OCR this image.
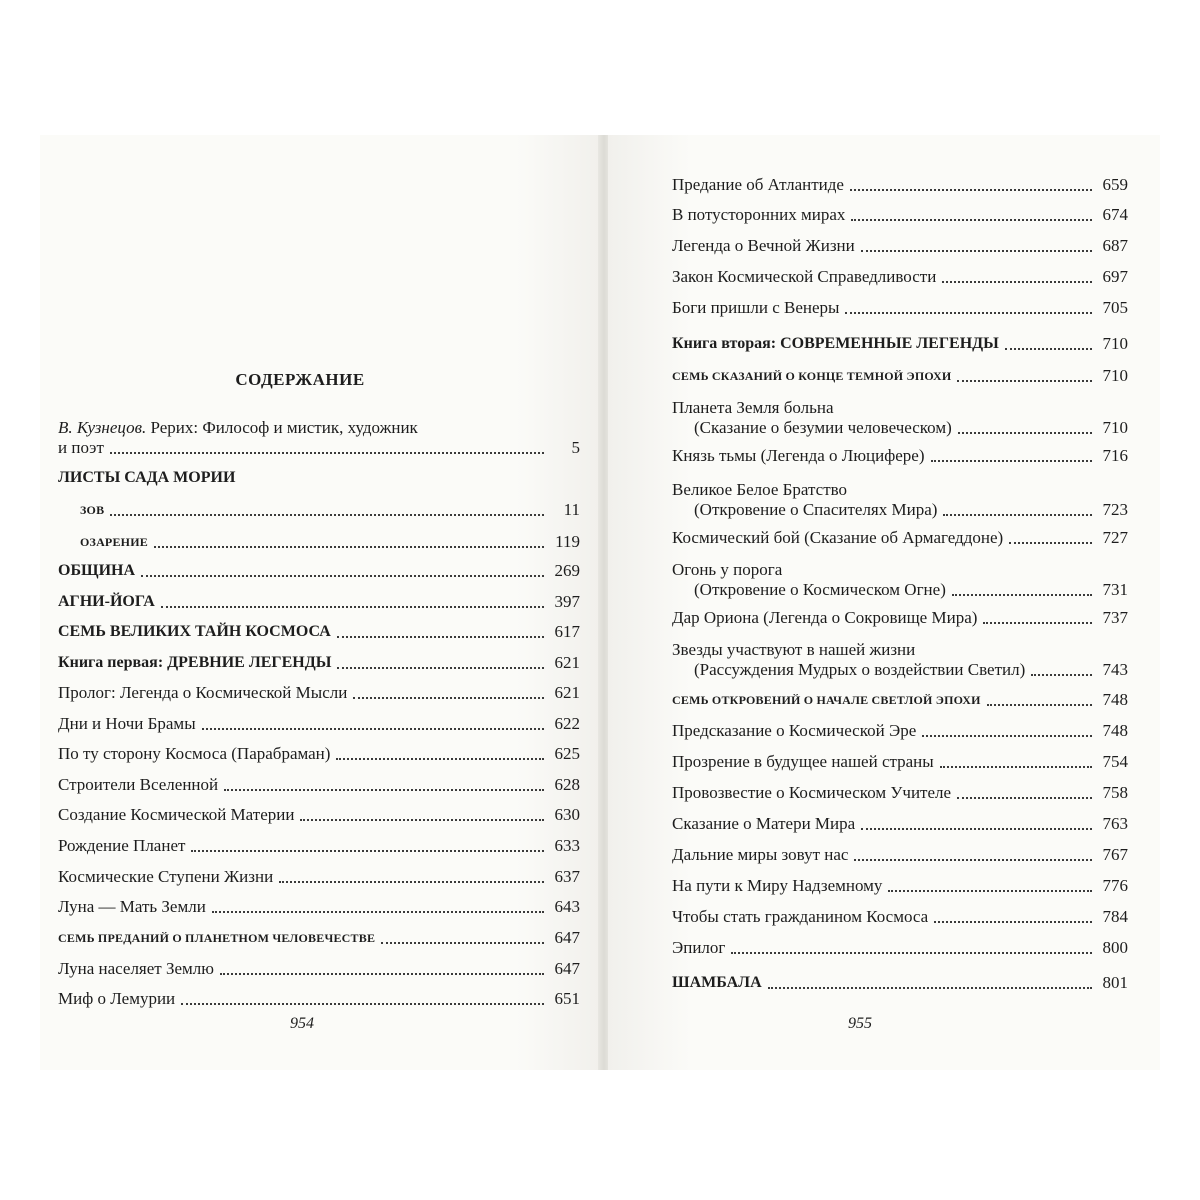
СОДЕРЖАНИЕ
В. Кузнецов. Рерих: Философ и мистик, художник
и поэт	5
ЛИСТЫ САДА МОРИИ
ЗОВ	11
ОЗАРЕНИЕ	119
ОБЩИНА	269
АГНИ-ЙОГА	397
СЕМЬ ВЕЛИКИХ ТАЙН КОСМОСА	617
Книга первая: ДРЕВНИЕ ЛЕГЕНДЫ	621
Пролог: Легенда о Космической Мысли	621
Дни и Ночи Брамы	622
По ту сторону Космоса (Парабраман)	625
Строители Вселенной	628
Создание Космической Материи	630
Рождение Планет	633
Космические Ступени Жизни	637
Луна — Мать Земли	643
СЕМЬ ПРЕДАНИЙ О ПЛАНЕТНОМ ЧЕЛОВЕЧЕСТВЕ	647
Луна населяет Землю	647
Миф о Лемурии	651
954
Предание об Атлантиде	659
В потусторонних мирах	674
Легенда о Вечной Жизни	687
Закон Космической Справедливости	697
Боги пришли с Венеры	705
Книга вторая: СОВРЕМЕННЫЕ ЛЕГЕНДЫ	710
СЕМЬ СКАЗАНИЙ О КОНЦЕ ТЕМНОЙ ЭПОХИ	710
Планета Земля больна
(Сказание о безумии человеческом)	710
Князь тьмы (Легенда о Люцифере)	716
Великое Белое Братство
(Откровение о Спасителях Мира)	723
Космический бой (Сказание об Армагеддоне)	727
Огонь у порога
(Откровение о Космическом Огне)	731
Дар Ориона (Легенда о Сокровище Мира)	737
Звезды участвуют в нашей жизни
(Рассуждения Мудрых о воздействии Светил)	743
СЕМЬ ОТКРОВЕНИЙ О НАЧАЛЕ СВЕТЛОЙ ЭПОХИ	748
Предсказание о Космической Эре	748
Прозрение в будущее нашей страны	754
Провозвестие о Космическом Учителе	758
Сказание о Матери Мира	763
Дальние миры зовут нас	767
На пути к Миру Надземному	776
Чтобы стать гражданином Космоса	784
Эпилог	800
ШАМБАЛА	801
955
